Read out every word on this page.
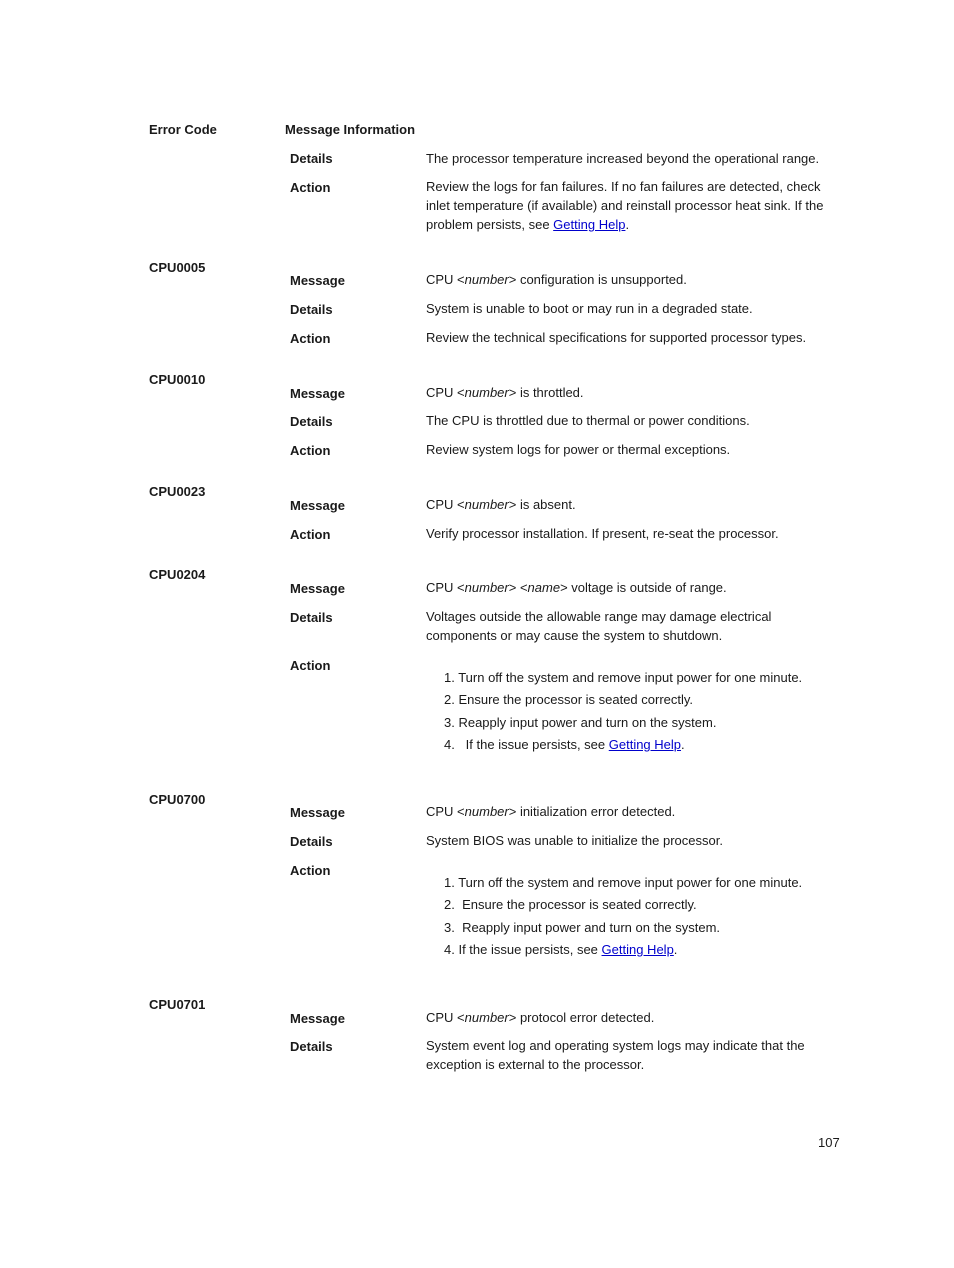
Error Code	Message Information
Details	The processor temperature increased beyond the operational range.
Action	Review the logs for fan failures. If no fan failures are detected, check inlet temperature (if available) and reinstall processor heat sink. If the problem persists, see Getting Help.
CPU0005
Message	CPU <number> configuration is unsupported.
Details	System is unable to boot or may run in a degraded state.
Action	Review the technical specifications for supported processor types.
CPU0010
Message	CPU <number> is throttled.
Details	The CPU is throttled due to thermal or power conditions.
Action	Review system logs for power or thermal exceptions.
CPU0023
Message	CPU <number> is absent.
Action	Verify processor installation. If present, re-seat the processor.
CPU0204
Message	CPU <number> <name> voltage is outside of range.
Details	Voltages outside the allowable range may damage electrical components or may cause the system to shutdown.
Action
1. Turn off the system and remove input power for one minute.
2. Ensure the processor is seated correctly.
3. Reapply input power and turn on the system.
4.   If the issue persists, see Getting Help.
CPU0700
Message	CPU <number> initialization error detected.
Details	System BIOS was unable to initialize the processor.
Action
1. Turn off the system and remove input power for one minute.
2.  Ensure the processor is seated correctly.
3.  Reapply input power and turn on the system.
4. If the issue persists, see Getting Help.
CPU0701
Message	CPU <number> protocol error detected.
Details	System event log and operating system logs may indicate that the exception is external to the processor.
107
